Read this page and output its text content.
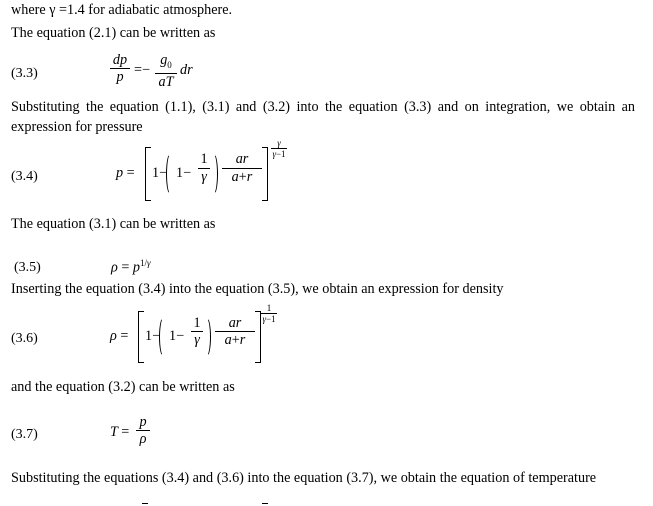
where γ =1.4 for adiabatic atmosphere.
The equation (2.1) can be written as
(3.3)
dp
p =−
$g_0$
aT
dr
Substituting the equation (1.1), (3.1) and (3.2) into the equation (3.3) and on integration, we obtain an expression for pressure
(3.4)	p = 1− 1−
1
γ
ar
a+r
γ
γ−1
The equation (3.1) can be written as
(3.5)	$\rho = p^{1/\gamma}$
Inserting the equation (3.4) into the equation (3.5), we obtain an expression for density
(3.6)	ρ = 1− 1−
1
γ
ar
a+r
1
γ−1
and the equation (3.2) can be written as
(3.7)	T =
p
ρ
Substituting the equations (3.4) and (3.6) into the equation (3.7), we obtain the equation of temperature
